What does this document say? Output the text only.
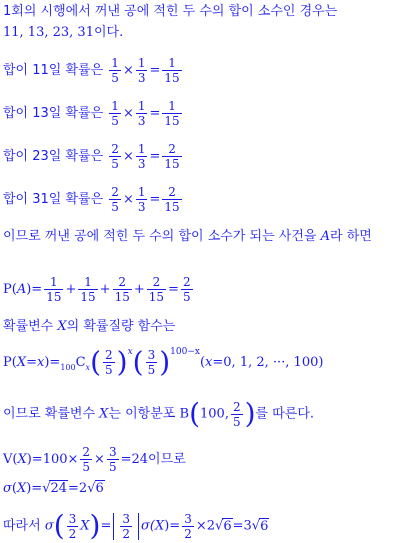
1회의 시행에서 꺼낸 공에 적힌 두 수의 합이 소수인 경우는
11, 13, 23, 31이다.
합이 11일 확률은 $\frac{1}{5} \times \frac{1}{3} = \frac{1}{15}$
합이 13일 확률은 $\frac{1}{5} \times \frac{1}{3} = \frac{1}{15}$
합이 23일 확률은 $\frac{2}{5} \times \frac{1}{3} = \frac{2}{15}$
합이 31일 확률은 $\frac{2}{5} \times \frac{1}{3} = \frac{2}{15}$
이므로 꺼낸 공에 적힌 두 수의 합이 소수가 되는 사건을 A라 하면
$P(A)= \frac{1}{15} + \frac{1}{15} + \frac{2}{15} + \frac{2}{15} = \frac{2}{5}$
확률변수 X의 확률질량 함수는
$P(X=x)=_{100}C_x( \frac{2}{5} )^x( \frac{3}{5} )^{100-x}(x=0$, 1, 2, ···, 100)
이므로 확률변수 X는 이항분포 B(100, $\frac{2}{5}$ )를 따른다.
$V(X)=100\times \frac{2}{5} \times \frac{3}{5} =24$이므로
σ(X)=√24=2√6
따라서 $\sigma( \frac{3}{2} X)= \frac{3}{2} \sigma(X)= \frac{3}{2} \times 2√6=3√6$
